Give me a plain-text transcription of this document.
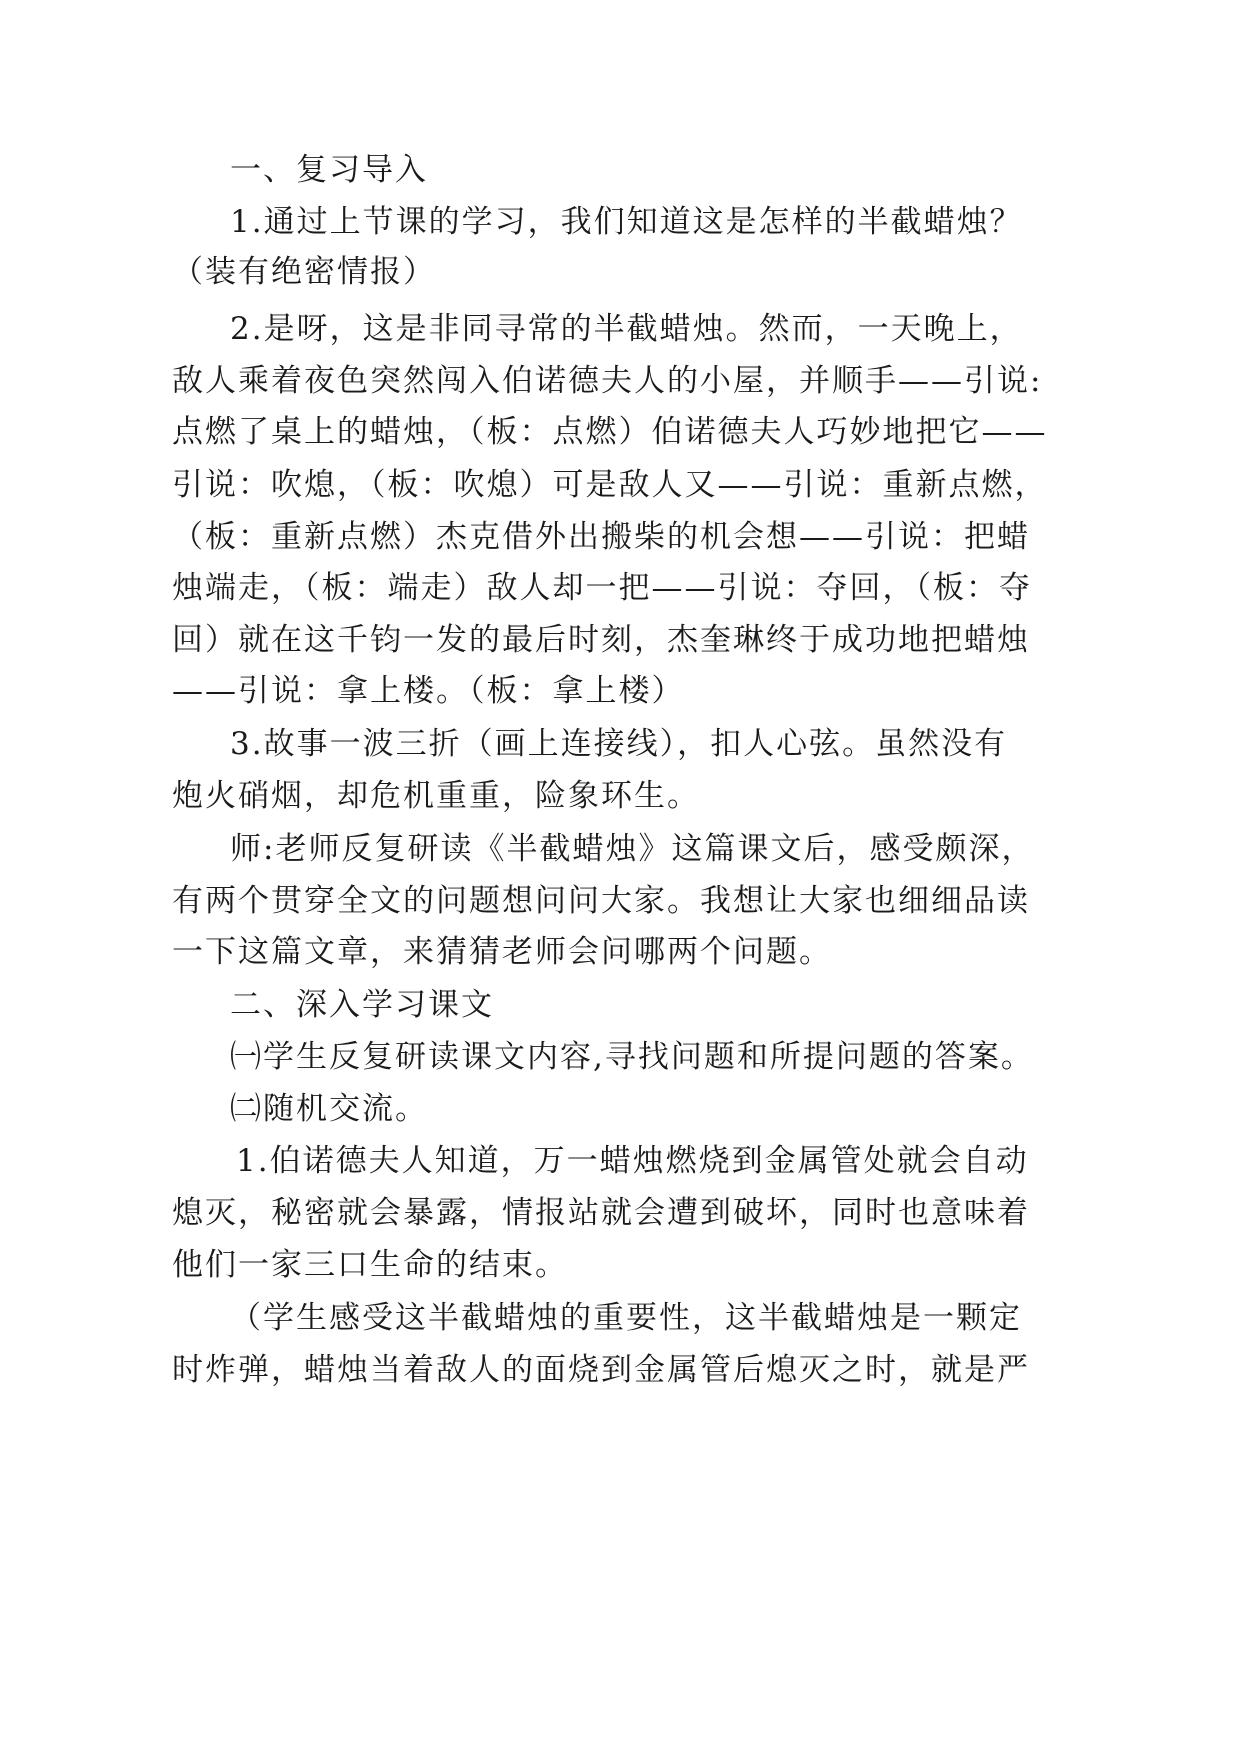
一、复习导入
1.通过上节课的学习，我们知道这是怎样的半截蜡烛？
（装有绝密情报）
2.是呀，这是非同寻常的半截蜡烛。然而，一天晚上，
敌人乘着夜色突然闯入伯诺德夫人的小屋，并顺手——引说:
点燃了桌上的蜡烛，（板：点燃）伯诺德夫人巧妙地把它——
引说：吹熄，（板：吹熄）可是敌人又——引说：重新点燃，
（板：重新点燃）杰克借外出搬柴的机会想——引说：把蜡
烛端走，（板：端走）敌人却一把——引说：夺回，（板：夺
回）就在这千钧一发的最后时刻，杰奎琳终于成功地把蜡烛
——引说：拿上楼。（板：拿上楼）
3.故事一波三折（画上连接线），扣人心弦。虽然没有
炮火硝烟，却危机重重，险象环生。
师:老师反复研读《半截蜡烛》这篇课文后，感受颇深，
有两个贯穿全文的问题想问问大家。我想让大家也细细品读
一下这篇文章，来猜猜老师会问哪两个问题。
二、深入学习课文
㈠学生反复研读课文内容,寻找问题和所提问题的答案。
㈡随机交流。
1.伯诺德夫人知道，万一蜡烛燃烧到金属管处就会自动
熄灭，秘密就会暴露，情报站就会遭到破坏，同时也意味着
他们一家三口生命的结束。
（学生感受这半截蜡烛的重要性，这半截蜡烛是一颗定
时炸弹，蜡烛当着敌人的面烧到金属管后熄灭之时，就是严
